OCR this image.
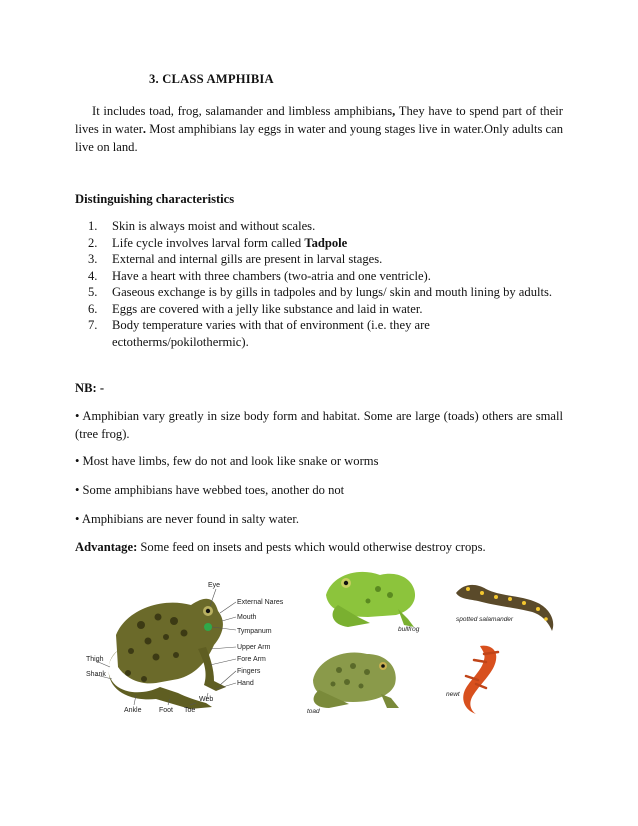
3. CLASS AMPHIBIA

It includes toad, frog, salamander and limbless amphibians, They have to spend part of their lives in water. Most amphibians lay eggs in water and young stages live in water.Only adults can live on land.

Distinguishing characteristics
1.	Skin is always moist and without scales.
2.	Life cycle involves larval form called Tadpole
3.	External and internal gills are present in larval stages.
4.	Have a heart with three chambers (two-atria and one ventricle).
5.	Gaseous exchange is by gills in tadpoles and by lungs/ skin and mouth lining by adults.
6.	Eggs are covered with a jelly like substance and laid in water.
7.	Body temperature varies with that of environment (i.e. they are ectotherms/pokilothermic).
NB: -

• Amphibian vary greatly in size body form and habitat. Some are large (toads) others are small (tree frog).

• Most have limbs, few do not and look like snake or worms

• Some amphibians have webbed toes, another do not

• Amphibians are never found in salty water.

Advantage: Some feed on insets and pests which would otherwise destroy crops.
Eye
External Nares
Mouth
Tympanum
Upper Arm
Fore Arm
Fingers
Hand
Web
Thigh
Shank
Ankle Foot Toe
bullfrog
spotted salamander
toad
newt
